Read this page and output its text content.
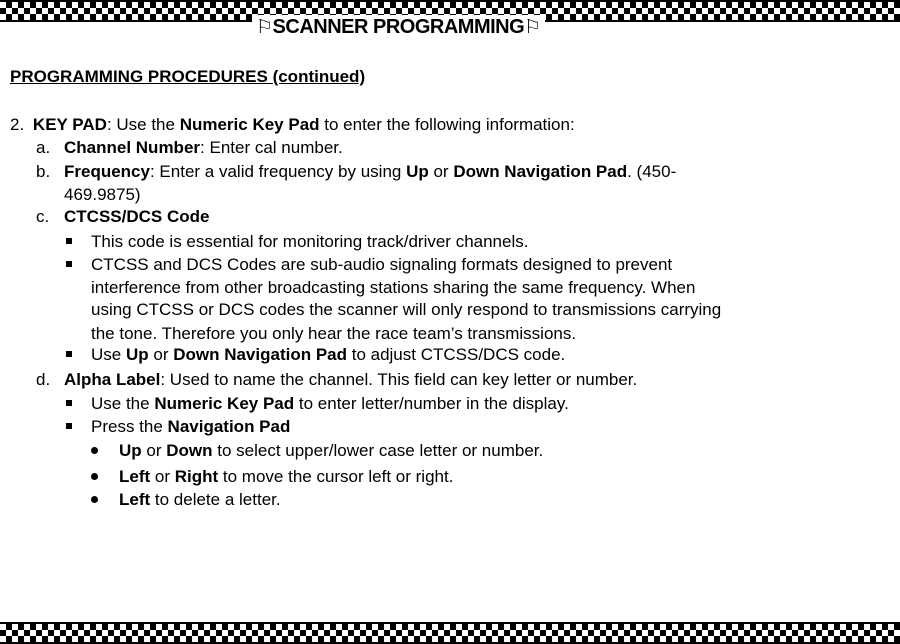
⚐SCANNER PROGRAMMING⚐
PROGRAMMING PROCEDURES (continued)
2. KEY PAD: Use the Numeric Key Pad to enter the following information:
a. Channel Number: Enter cal number.
b. Frequency: Enter a valid frequency by using Up or Down Navigation Pad. (450-
469.9875)
c. CTCSS/DCS Code
This code is essential for monitoring track/driver channels.
CTCSS and DCS Codes are sub-audio signaling formats designed to prevent
interference from other broadcasting stations sharing the same frequency. When
using CTCSS or DCS codes the scanner will only respond to transmissions carrying
the tone. Therefore you only hear the race team’s transmissions.
Use Up or Down Navigation Pad to adjust CTCSS/DCS code.
d. Alpha Label: Used to name the channel. This field can key letter or number.
Use the Numeric Key Pad to enter letter/number in the display.
Press the Navigation Pad
Up or Down to select upper/lower case letter or number.
Left or Right to move the cursor left or right.
Left to delete a letter.
